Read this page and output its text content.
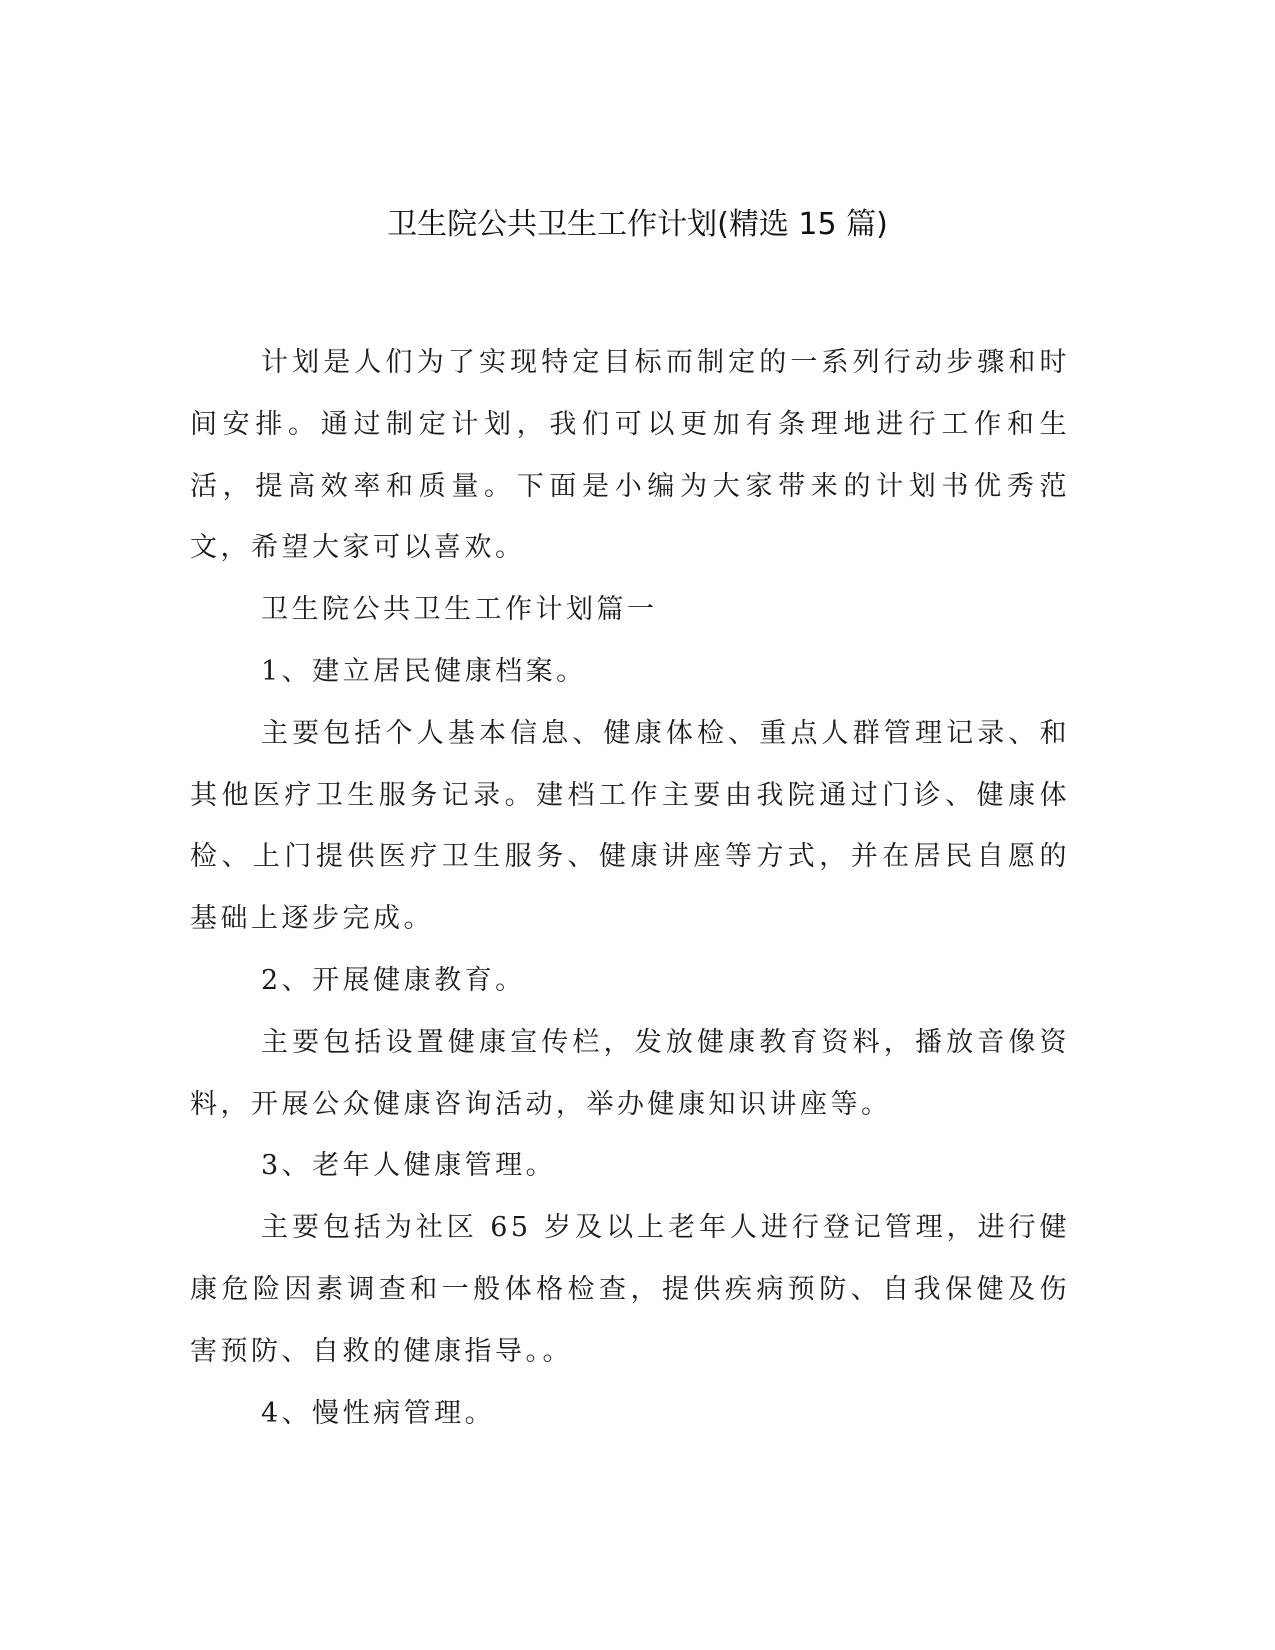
卫生院公共卫生工作计划(精选 15 篇)

计划是人们为了实现特定目标而制定的一系列行动步骤和时间安排。通过制定计划，我们可以更加有条理地进行工作和生活，提高效率和质量。下面是小编为大家带来的计划书优秀范文，希望大家可以喜欢。

卫生院公共卫生工作计划篇一

1、建立居民健康档案。

主要包括个人基本信息、健康体检、重点人群管理记录、和其他医疗卫生服务记录。建档工作主要由我院通过门诊、健康体检、上门提供医疗卫生服务、健康讲座等方式，并在居民自愿的基础上逐步完成。

2、开展健康教育。

主要包括设置健康宣传栏，发放健康教育资料，播放音像资料，开展公众健康咨询活动，举办健康知识讲座等。

3、老年人健康管理。

主要包括为社区 65 岁及以上老年人进行登记管理，进行健康危险因素调查和一般体格检查，提供疾病预防、自我保健及伤害预防、自救的健康指导。。

4、慢性病管理。
